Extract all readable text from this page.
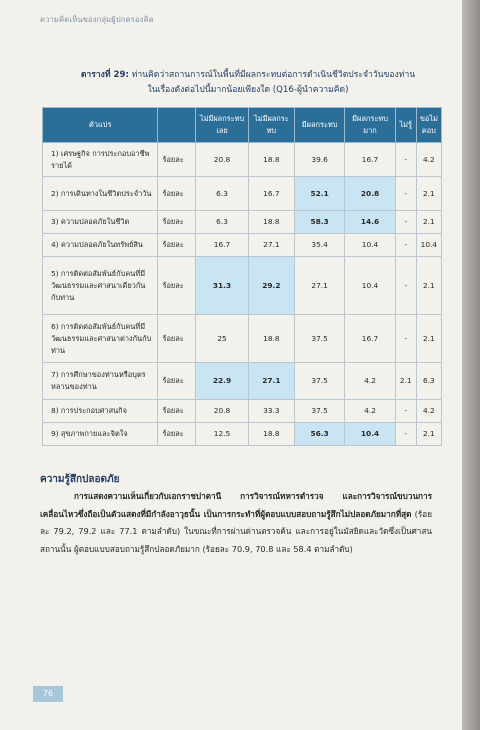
ความคิดเห็นของกลุ่มผู้ปกครองคิด
ตารางที่ 29: ท่านคิดว่าสถานการณ์ในพื้นที่มีผลกระทบต่อการดำเนินชีวิตประจำวันของท่าน
ในเรื่องดังต่อไปนี้มากน้อยเพียงใด (Q16-ผู้นำความคิด)
ตัวแปร		ไม่มีผลกระทบเลย	ไม่มีผลกระทบ	มีผลกระทบ	มีผลกระทบมาก	ไม่รู้	ขอไม่ตอบ
1) เศรษฐกิจ การประกอบอาชีพ รายได้	ร้อยละ	20.8	18.8	39.6	16.7	-	4.2
2) การเดินทางในชีวิตประจำวัน	ร้อยละ	6.3	16.7	52.1	20.8	-	2.1
3) ความปลอดภัยในชีวิต	ร้อยละ	6.3	18.8	58.3	14.6	-	2.1
4) ความปลอดภัยในทรัพย์สิน	ร้อยละ	16.7	27.1	35.4	10.4	-	10.4
5) การติดต่อสัมพันธ์กับคนที่มีวัฒนธรรมและศาสนาเดียวกันกับท่าน	ร้อยละ	31.3	29.2	27.1	10.4	-	2.1
6) การติดต่อสัมพันธ์กับคนที่มีวัฒนธรรมและศาสนาต่างกันกับท่าน	ร้อยละ	25	18.8	37.5	16.7	-	2.1
7) การศึกษาของท่านหรือบุตรหลานของท่าน	ร้อยละ	22.9	27.1	37.5	4.2	2.1	6.3
8) การประกอบศาสนกิจ	ร้อยละ	20.8	33.3	37.5	4.2	-	4.2
9) สุขภาพกายและจิตใจ	ร้อยละ	12.5	18.8	56.3	10.4	-	2.1
ความรู้สึกปลอดภัย
การแสดงความเห็นเกี่ยวกับเอกราชปาตานี การวิจารณ์ทหารตำรวจ และการวิจารณ์ขบวนการเคลื่อนไหวซึ่งถือเป็นตัวแสดงที่มีกำลังอาวุธนั้น เป็นการกระทำที่ผู้ตอบแบบสอบถามรู้สึกไม่ปลอดภัยมากที่สุด (ร้อยละ 79.2, 79.2 และ 77.1 ตามลำดับ) ในขณะที่การผ่านด่านตรวจค้น และการอยู่ในมัสยิดและวัดซึ่งเป็นศาสนสถานนั้น ผู้ตอบแบบสอบถามรู้สึกปลอดภัยมาก (ร้อยละ 70.9, 70.8 และ 58.4 ตามลำดับ)
76
